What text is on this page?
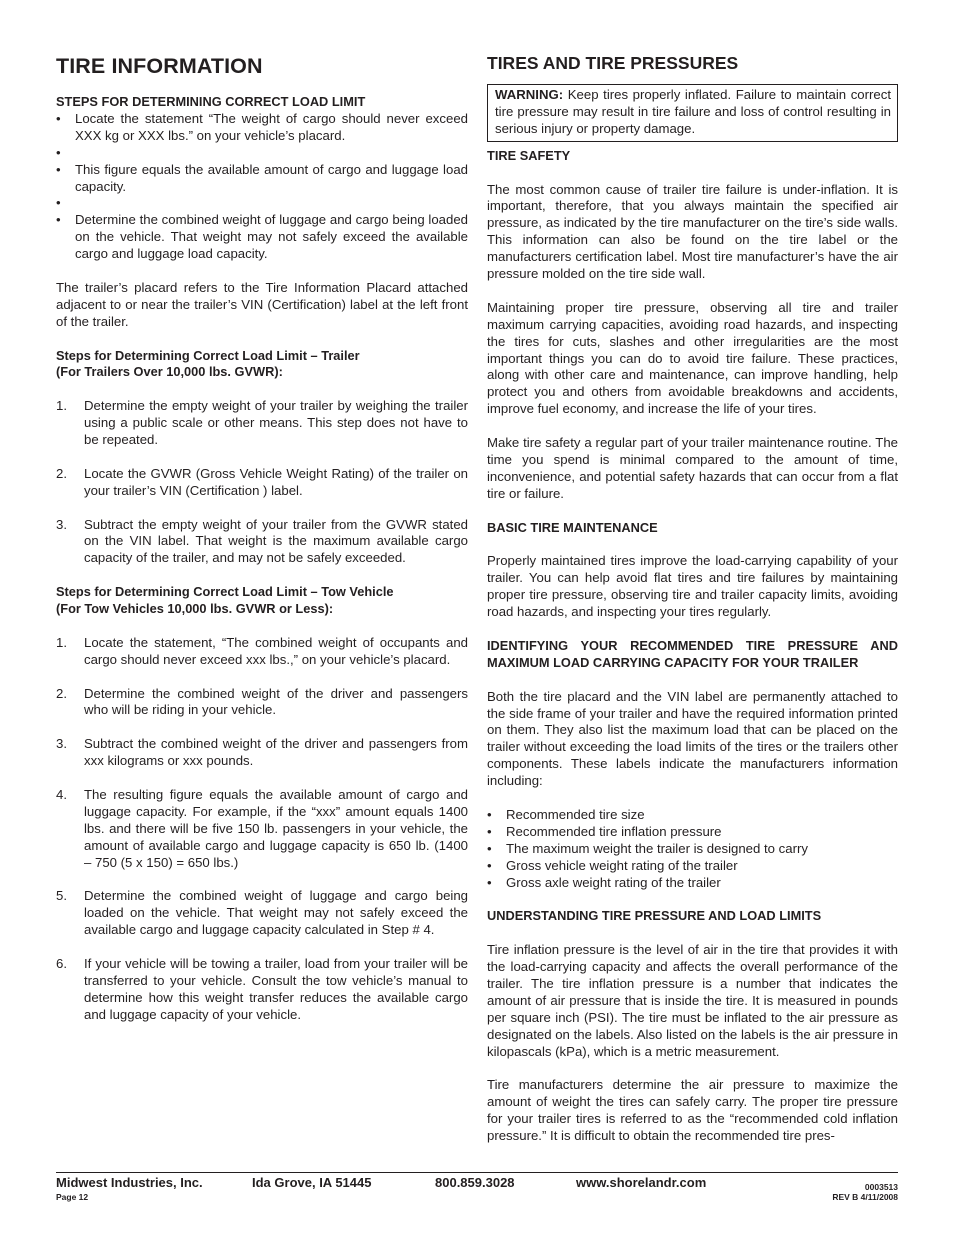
TIRE INFORMATION
STEPS FOR DETERMINING CORRECT LOAD LIMIT
• Locate the statement “The weight of cargo should never exceed XXX kg or XXX lbs.” on your vehicle’s placard.
•
• This figure equals the available amount of cargo and luggage load capacity.
•
• Determine the combined weight of luggage and cargo being loaded on the vehicle. That weight may not safely exceed the available cargo and luggage load capacity.

The trailer’s placard refers to the Tire Information Placard attached adjacent to or near the trailer’s VIN (Certification) label at the left front of the trailer.

Steps for Determining Correct Load Limit – Trailer
(For Trailers Over 10,000 lbs. GVWR):
1. Determine the empty weight of your trailer by weighing the trailer using a public scale or other means. This step does not have to be repeated.
2. Locate the GVWR (Gross Vehicle Weight Rating) of the trailer on your trailer’s VIN (Certification ) label.
3. Subtract the empty weight of your trailer from the GVWR stated on the VIN label. That weight is the maximum available cargo capacity of the trailer, and may not be safely exceeded.
Steps for Determining Correct Load Limit – Tow Vehicle
(For Tow Vehicles 10,000 lbs. GVWR or Less):
1. Locate the statement, “The combined weight of occupants and cargo should never exceed xxx lbs.,” on your vehicle’s placard.
2. Determine the combined weight of the driver and passengers who will be riding in your vehicle.
3. Subtract the combined weight of the driver and passengers from xxx kilograms or xxx pounds.
4. The resulting figure equals the available amount of cargo and luggage capacity. For example, if the “xxx” amount equals 1400 lbs. and there will be five 150 lb. passengers in your vehicle, the amount of available cargo and luggage capacity is 650 lb. (1400 – 750 (5 x 150) = 650 lbs.)
5. Determine the combined weight of luggage and cargo being loaded on the vehicle. That weight may not safely exceed the available cargo and luggage capacity calculated in Step # 4.
6. If your vehicle will be towing a trailer, load from your trailer will be transferred to your vehicle. Consult the tow vehicle’s manual to determine how this weight transfer reduces the available cargo and luggage capacity of your vehicle.
TIRES AND TIRE PRESSURES
WARNING: Keep tires properly inflated. Failure to maintain correct tire pressure may result in tire failure and loss of control resulting in serious injury or property damage.
TIRE SAFETY

The most common cause of trailer tire failure is under-inflation. It is important, therefore, that you always maintain the specified air pressure, as indicated by the tire manufacturer on the tire’s side walls. This information can also be found on the tire label or the manufacturers certification label. Most tire manufacturer’s have the air pressure molded on the tire side wall.

Maintaining proper tire pressure, observing all tire and trailer maximum carrying capacities, avoiding road hazards, and inspecting the tires for cuts, slashes and other irregularities are the most important things you can do to avoid tire failure. These practices, along with other care and maintenance, can improve handling, help protect you and others from avoidable breakdowns and accidents, improve fuel economy, and increase the life of your tires.

Make tire safety a regular part of your trailer maintenance routine. The time you spend is minimal compared to the amount of time, inconvenience, and potential safety hazards that can occur from a flat tire or failure.

BASIC TIRE MAINTENANCE

Properly maintained tires improve the load-carrying capability of your trailer. You can help avoid flat tires and tire failures by maintaining proper tire pressure, observing tire and trailer capacity limits, avoiding road hazards, and inspecting your tires regularly.

IDENTIFYING YOUR RECOMMENDED TIRE PRESSURE AND MAXIMUM LOAD CARRYING CAPACITY FOR YOUR TRAILER

Both the tire placard and the VIN label are permanently attached to the side frame of your trailer and have the required information printed on them. They also list the maximum load that can be placed on the trailer without exceeding the load limits of the tires or the trailers other components. These labels indicate the manufacturers information including:

• Recommended tire size
• Recommended tire inflation pressure
• The maximum weight the trailer is designed to carry
• Gross vehicle weight rating of the trailer
• Gross axle weight rating of the trailer
UNDERSTANDING TIRE PRESSURE AND LOAD LIMITS

Tire inflation pressure is the level of air in the tire that provides it with the load-carrying capacity and affects the overall performance of the trailer. The tire inflation pressure is a number that indicates the amount of air pressure that is inside the tire. It is measured in pounds per square inch (PSI). The tire must be inflated to the air pressure as designated on the labels. Also listed on the labels is the air pressure in kilopascals (kPa), which is a metric measurement.

Tire manufacturers determine the air pressure to maximize the amount of weight the tires can safely carry. The proper tire pressure for your trailer tires is referred to as the “recommended cold inflation pressure.” It is difficult to obtain the recommended tire pres-

Midwest Industries, Inc.	Ida Grove, IA 51445	800.859.3028	www.shorelandr.com
Page 12
0003513
REV B 4/11/2008
